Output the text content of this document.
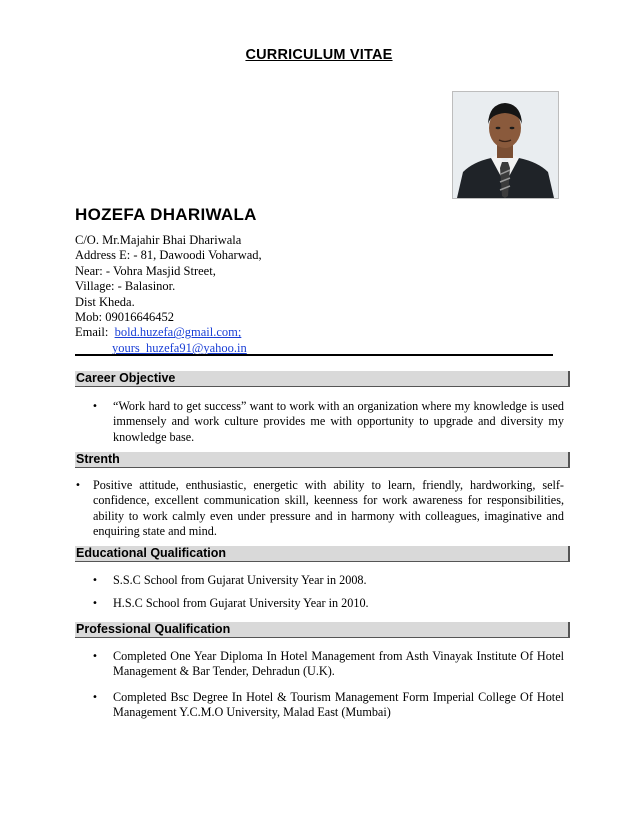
CURRICULUM VITAE
HOZEFA DHARIWALA
C/O. Mr.Majahir Bhai Dhariwala
Address E: - 81, Dawoodi Voharwad,
Near: - Vohra Masjid Street,
Village: - Balasinor.
Dist Kheda.
Mob: 09016646452
Email: bold.huzefa@gmail.com;
yours_huzefa91@yahoo.in
Career Objective
• “Work hard to get success” want to work with an organization where my knowledge is used immensely and work culture provides me with opportunity to upgrade and diversity my knowledge base.
Strenth
• Positive attitude, enthusiastic, energetic with ability to learn, friendly, hardworking, self-confidence, excellent communication skill, keenness for work awareness for responsibilities, ability to work calmly even under pressure and in harmony with colleagues, imaginative and enquiring state and mind.
Educational Qualification
• S.S.C School from Gujarat University Year in 2008.
• H.S.C School from Gujarat University Year in 2010.
Professional Qualification
• Completed One Year Diploma In Hotel Management from Asth Vinayak Institute Of Hotel Management & Bar Tender, Dehradun (U.K).
• Completed Bsc Degree In Hotel & Tourism Management Form Imperial College Of Hotel Management Y.C.M.O University, Malad East (Mumbai)
